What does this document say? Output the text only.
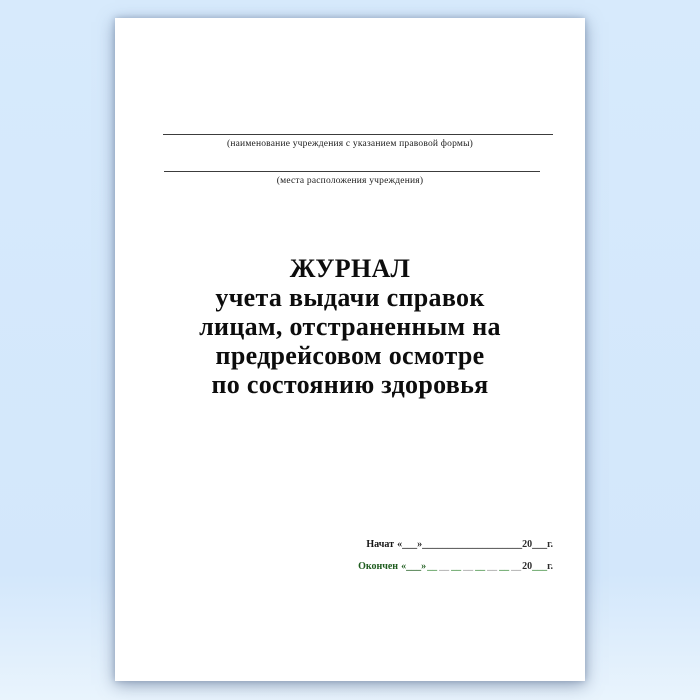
(наименование учреждения с указанием правовой формы)
(места расположения учреждения)
ЖУРНАЛ
учета выдачи справок
лицам, отстраненным на
предрейсовом осмотре
по состоянию здоровья
Начат «___»____________________20___г.
Окончен «___»__ __ __ __ __ __ __ __20___г.
